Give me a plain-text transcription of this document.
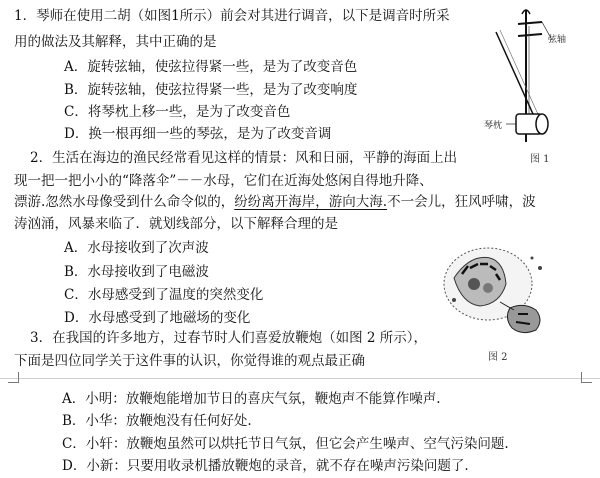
1．琴师在使用二胡（如图1所示）前会对其进行调音，以下是调音时所采
用的做法及其解释，其中正确的是
A．旋转弦轴，使弦拉得紧一些，是为了改变音色
B．旋转弦轴，使弦拉得紧一些，是为了改变响度
C．将琴枕上移一些，是为了改变音色
D．换一根再细一些的琴弦，是为了改变音调
弦轴
琴枕
图 1
2．生活在海边的渔民经常看见这样的情景：风和日丽，平静的海面上出
现一把一把小小的“降落伞”－－水母，它们在近海处悠闲自得地升降、
漂游.忽然水母像受到什么命令似的，纷纷离开海岸，游向大海.不一会儿，狂风呼啸，波
涛汹涌，风暴来临了．就划线部分，以下解释合理的是
A．水母接收到了次声波
B．水母接收到了电磁波
C．水母感受到了温度的突然变化
D．水母感受到了地磁场的变化
图 2
3．在我国的许多地方，过春节时人们喜爱放鞭炮（如图 2 所示），
下面是四位同学关于这件事的认识，你觉得谁的观点最正确
A．小明：放鞭炮能增加节日的喜庆气氛，鞭炮声不能算作噪声.
B．小华：放鞭炮没有任何好处.
C．小轩：放鞭炮虽然可以烘托节日气氛，但它会产生噪声、空气污染问题.
D．小新：只要用收录机播放鞭炮的录音，就不存在噪声污染问题了.
